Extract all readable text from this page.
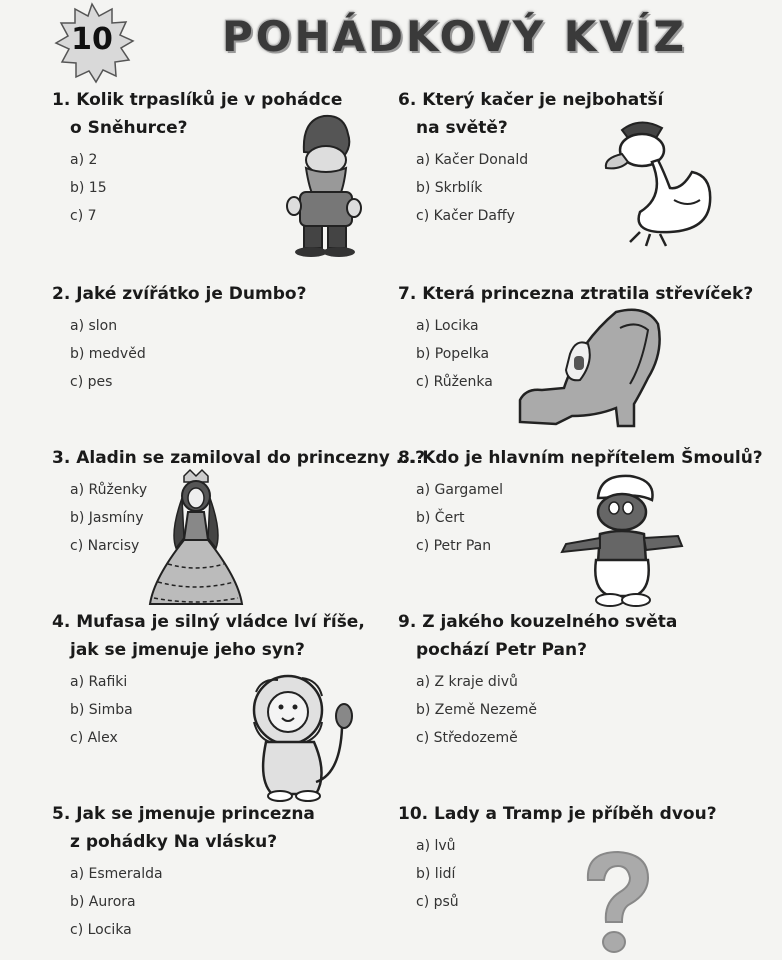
10	POHÁDKOVÝ KVÍZ
1. Kolik trpaslíků je v pohádce
o Sněhurce?
a) 2
b) 15
c) 7
2. Jaké zvířátko je Dumbo?
a) slon
b) medvěd
c) pes
3. Aladin se zamiloval do princezny ...?
a) Růženky
b) Jasmíny
c) Narcisy
4. Mufasa je silný vládce lví říše,
jak se jmenuje jeho syn?
a) Rafiki
b) Simba
c) Alex
5. Jak se jmenuje princezna
z pohádky Na vlásku?
a) Esmeralda
b) Aurora
c) Locika
6. Který kačer je nejbohatší
na světě?
a) Kačer Donald
b) Skrblík
c) Kačer Daffy
7. Která princezna ztratila střevíček?
a) Locika
b) Popelka
c) Růženka
8. Kdo je hlavním nepřítelem Šmoulů?
a) Gargamel
b) Čert
c) Petr Pan
9. Z jakého kouzelného světa
pochází Petr Pan?
a) Z kraje divů
b) Země Nezemě
c) Středozemě
10. Lady a Tramp je příběh dvou?
a) lvů
b) lidí
c) psů
